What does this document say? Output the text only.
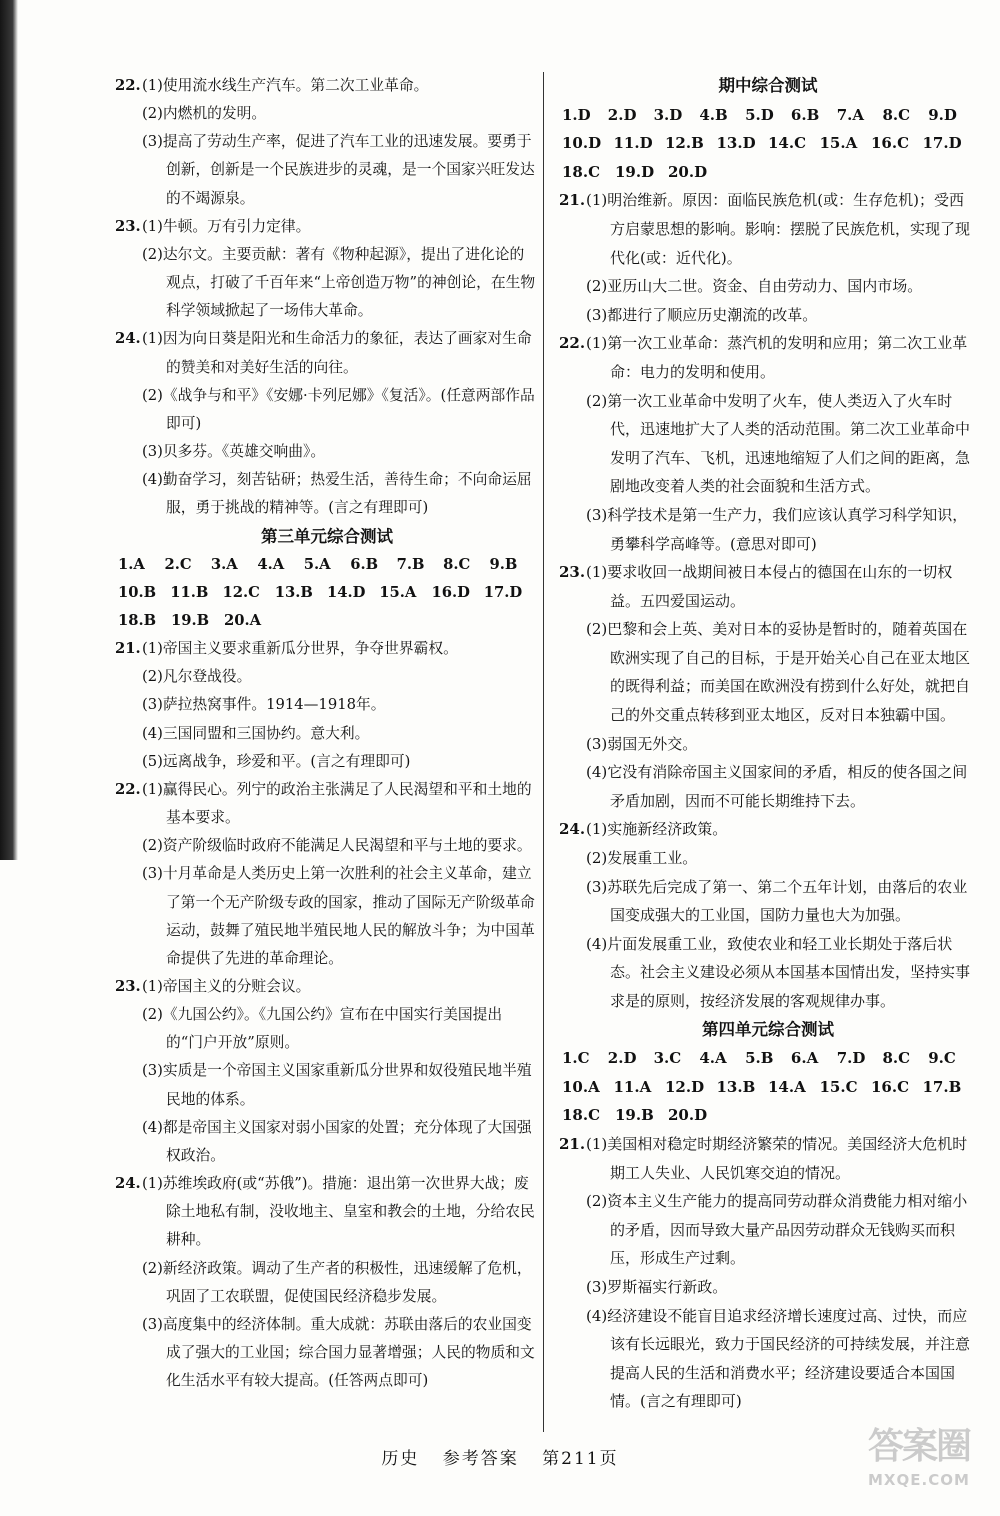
22. (1)使用流水线生产汽车。第二次工业革命。
(2)内燃机的发明。
(3)提高了劳动生产率，促进了汽车工业的迅速发展。要勇于创新，创新是一个民族进步的灵魂，是一个国家兴旺发达的不竭源泉。
23. (1)牛顿。万有引力定律。
(2)达尔文。主要贡献：著有《物种起源》，提出了进化论的观点，打破了千百年来“上帝创造万物”的神创论，在生物科学领域掀起了一场伟大革命。
24. (1)因为向日葵是阳光和生命活力的象征，表达了画家对生命的赞美和对美好生活的向往。
(2)《战争与和平》《安娜·卡列尼娜》《复活》。(任意两部作品即可)
(3)贝多芬。《英雄交响曲》。
(4)勤奋学习，刻苦钻研；热爱生活，善待生命；不向命运屈服，勇于挑战的精神等。(言之有理即可)
第三单元综合测试
1.A	2.C	3.A	4.A	5.A	6.B	7.B	8.C	9.B
10.B 11.B 12.C	13.B 14.D 15.A	16.D 17.D
18.B	19.B	20.A
21. (1)帝国主义要求重新瓜分世界，争夺世界霸权。
(2)凡尔登战役。
(3)萨拉热窝事件。1914—1918年。
(4)三国同盟和三国协约。意大利。
(5)远离战争，珍爱和平。(言之有理即可)
22. (1)赢得民心。列宁的政治主张满足了人民渴望和平和土地的基本要求。
(2)资产阶级临时政府不能满足人民渴望和平与土地的要求。
(3)十月革命是人类历史上第一次胜利的社会主义革命，建立了第一个无产阶级专政的国家，推动了国际无产阶级革命运动，鼓舞了殖民地半殖民地人民的解放斗争；为中国革命提供了先进的革命理论。
23. (1)帝国主义的分赃会议。
(2)《九国公约》。《九国公约》宣布在中国实行美国提出的“门户开放”原则。
(3)实质是一个帝国主义国家重新瓜分世界和奴役殖民地半殖民地的体系。
(4)都是帝国主义国家对弱小国家的处置；充分体现了大国强权政治。
24. (1)苏维埃政府(或“苏俄”)。措施：退出第一次世界大战；废除土地私有制，没收地主、皇室和教会的土地，分给农民耕种。
(2)新经济政策。调动了生产者的积极性，迅速缓解了危机，巩固了工农联盟，促使国民经济稳步发展。
(3)高度集中的经济体制。重大成就：苏联由落后的农业国变成了强大的工业国；综合国力显著增强；人民的物质和文化生活水平有较大提高。(任答两点即可)
期中综合测试
1.D	2.D	3.D	4.B	5.D	6.B	7.A	8.C	9.D
10.D 11.D 12.B 13.D 14.C 15.A 16.C 17.D
18.C 19.D 20.D
21. (1)明治维新。原因：面临民族危机(或：生存危机)；受西方启蒙思想的影响。影响：摆脱了民族危机，实现了现代化(或：近代化)。
(2)亚历山大二世。资金、自由劳动力、国内市场。
(3)都进行了顺应历史潮流的改革。
22. (1)第一次工业革命：蒸汽机的发明和应用；第二次工业革命：电力的发明和使用。
(2)第一次工业革命中发明了火车，使人类迈入了火车时代，迅速地扩大了人类的活动范围。第二次工业革命中发明了汽车、飞机，迅速地缩短了人们之间的距离，急剧地改变着人类的社会面貌和生活方式。
(3)科学技术是第一生产力，我们应该认真学习科学知识，勇攀科学高峰等。(意思对即可)
23. (1)要求收回一战期间被日本侵占的德国在山东的一切权益。五四爱国运动。
(2)巴黎和会上英、美对日本的妥协是暂时的，随着英国在欧洲实现了自己的目标，于是开始关心自己在亚太地区的既得利益；而美国在欧洲没有捞到什么好处，就把自己的外交重点转移到亚太地区，反对日本独霸中国。
(3)弱国无外交。
(4)它没有消除帝国主义国家间的矛盾，相反的使各国之间矛盾加剧，因而不可能长期维持下去。
24. (1)实施新经济政策。
(2)发展重工业。
(3)苏联先后完成了第一、第二个五年计划，由落后的农业国变成强大的工业国，国防力量也大为加强。
(4)片面发展重工业，致使农业和轻工业长期处于落后状态。社会主义建设必须从本国基本国情出发，坚持实事求是的原则，按经济发展的客观规律办事。
第四单元综合测试
1.C	2.D	3.C	4.A	5.B	6.A	7.D	8.C	9.C
10.A 11.A 12.D 13.B 14.A 15.C 16.C 17.B
18.C 19.B 20.D
21. (1)美国相对稳定时期经济繁荣的情况。美国经济大危机时期工人失业、人民饥寒交迫的情况。
(2)资本主义生产能力的提高同劳动群众消费能力相对缩小的矛盾，因而导致大量产品因劳动群众无钱购买而积压，形成生产过剩。
(3)罗斯福实行新政。
(4)经济建设不能盲目追求经济增长速度过高、过快，而应该有长远眼光，致力于国民经济的可持续发展，并注意提高人民的生活和消费水平；经济建设要适合本国国情。(言之有理即可)
历史 参考答案 第211页	答案圈
MXQE.COM
